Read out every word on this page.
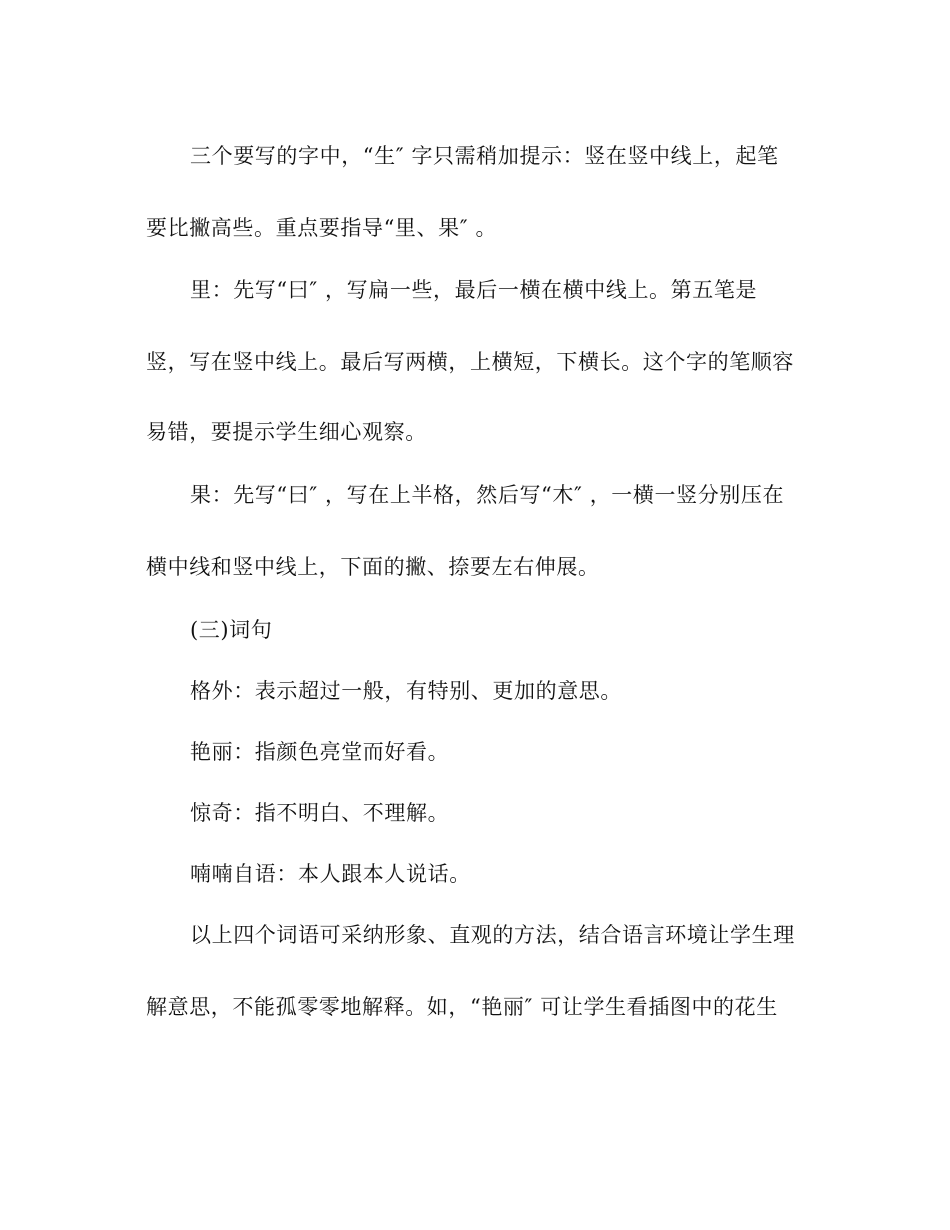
三个要写的字中，“生″ 字只需稍加提示：竖在竖中线上，起笔
要比撇高些。重点要指导“里、果″ 。
里：先写“曰″ ，写扁一些，最后一横在横中线上。第五笔是
竖，写在竖中线上。最后写两横，上横短，下横长。这个字的笔顺容
易错，要提示学生细心观察。
果：先写“曰″ ，写在上半格，然后写“木″ ，一横一竖分别压在
横中线和竖中线上，下面的撇、捺要左右伸展。
(三)词句
格外：表示超过一般，有特别、更加的意思。
艳丽：指颜色亮堂而好看。
惊奇：指不明白、不理解。
喃喃自语：本人跟本人说话。
以上四个词语可采纳形象、直观的方法，结合语言环境让学生理
解意思，不能孤零零地解释。如，“艳丽″ 可让学生看插图中的花生
